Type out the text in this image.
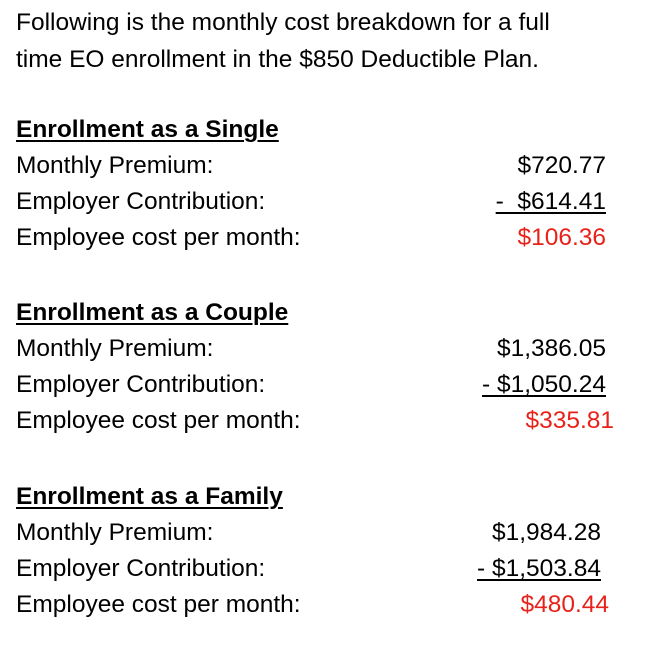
Following is the monthly cost breakdown for a full
time EO enrollment in the $850 Deductible Plan.

Enrollment as a Single
Monthly Premium:	$720.77
Employer Contribution:	-  $614.41
Employee cost per month:	$106.36
Enrollment as a Couple
Monthly Premium:	$1,386.05
Employer Contribution:	- $1,050.24
Employee cost per month:	$335.81
Enrollment as a Family
Monthly Premium:	$1,984.28
Employer Contribution:	- $1,503.84
Employee cost per month:	$480.44
